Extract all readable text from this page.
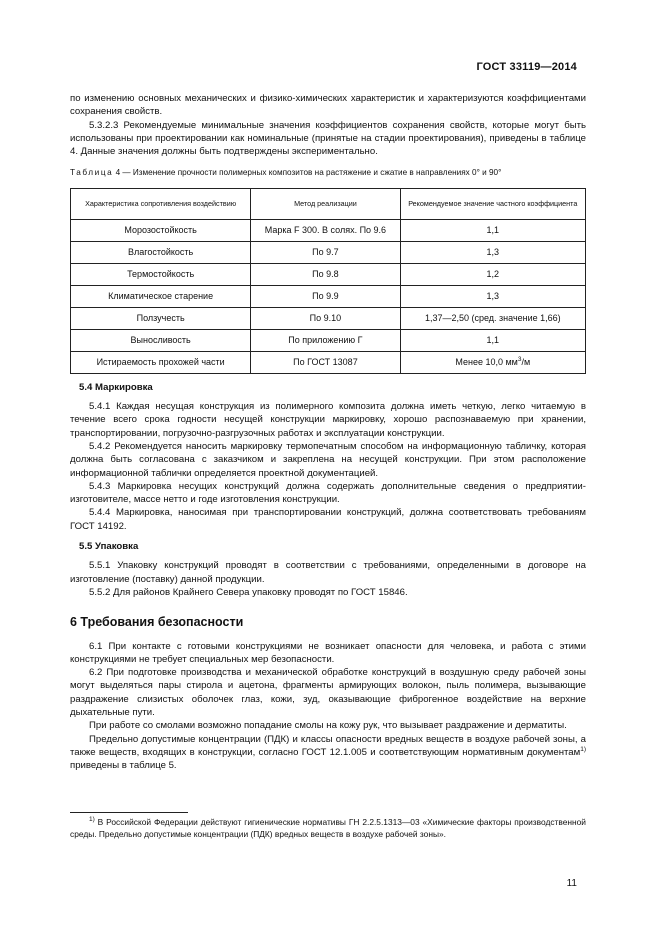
ГОСТ 33119—2014

по изменению основных механических и физико-химических характеристик и характеризуются коэффициентами сохранения свойств.

5.3.2.3 Рекомендуемые минимальные значения коэффициентов сохранения свойств, которые могут быть использованы при проектировании как номинальные (принятые на стадии проектирования), приведены в таблице 4. Данные значения должны быть подтверждены экспериментально.

Таблица 4 — Изменение прочности полимерных композитов на растяжение и сжатие в направлениях 0° и 90°
Характеристика сопротивления воздействию	Метод реализации	Рекомендуемое значение частного коэффициента
Морозостойкость	Марка F 300. В солях. По 9.6	1,1
Влагостойкость	По 9.7	1,3
Термостойкость	По 9.8	1,2
Климатическое старение	По 9.9	1,3
Ползучесть	По 9.10	1,37—2,50 (сред. значение 1,66)
Выносливость	По приложению Г	1,1
Истираемость прохожей части	По ГОСТ 13087	Менее 10,0 $мм^3/м$

5.4 Маркировка

5.4.1 Каждая несущая конструкция из полимерного композита должна иметь четкую, легко читаемую в течение всего срока годности несущей конструкции маркировку, хорошо распознаваемую при хранении, транспортировании, погрузочно-разгрузочных работах и эксплуатации конструкции.

5.4.2 Рекомендуется наносить маркировку термопечатным способом на информационную табличку, которая должна быть согласована с заказчиком и закреплена на несущей конструкции. При этом расположение информационной таблички определяется проектной документацией.

5.4.3 Маркировка несущих конструкций должна содержать дополнительные сведения о предприятии-изготовителе, массе нетто и годе изготовления конструкции.

5.4.4 Маркировка, наносимая при транспортировании конструкций, должна соответствовать требованиям ГОСТ 14192.

5.5 Упаковка

5.5.1 Упаковку конструкций проводят в соответствии с требованиями, определенными в договоре на изготовление (поставку) данной продукции.

5.5.2 Для районов Крайнего Севера упаковку проводят по ГОСТ 15846.

6 Требования безопасности

6.1 При контакте с готовыми конструкциями не возникает опасности для человека, и работа с этими конструкциями не требует специальных мер безопасности.

6.2 При подготовке производства и механической обработке конструкций в воздушную среду рабочей зоны могут выделяться пары стирола и ацетона, фрагменты армирующих волокон, пыль полимера, вызывающие раздражение слизистых оболочек глаз, кожи, зуд, оказывающие фиброгенное воздействие на верхние дыхательные пути.

При работе со смолами возможно попадание смолы на кожу рук, что вызывает раздражение и дерматиты.

Предельно допустимые концентрации (ПДК) и классы опасности вредных веществ в воздухе рабочей зоны, а также веществ, входящих в конструкции, согласно ГОСТ 12.1.005 и соответствующим нормативным документам$^{1)}$ приведены в таблице 5.

$^{1)}$ В Российской Федерации действуют гигиенические нормативы ГН 2.2.5.1313—03 «Химические факторы производственной среды. Предельно допустимые концентрации (ПДК) вредных веществ в воздухе рабочей зоны».

11
